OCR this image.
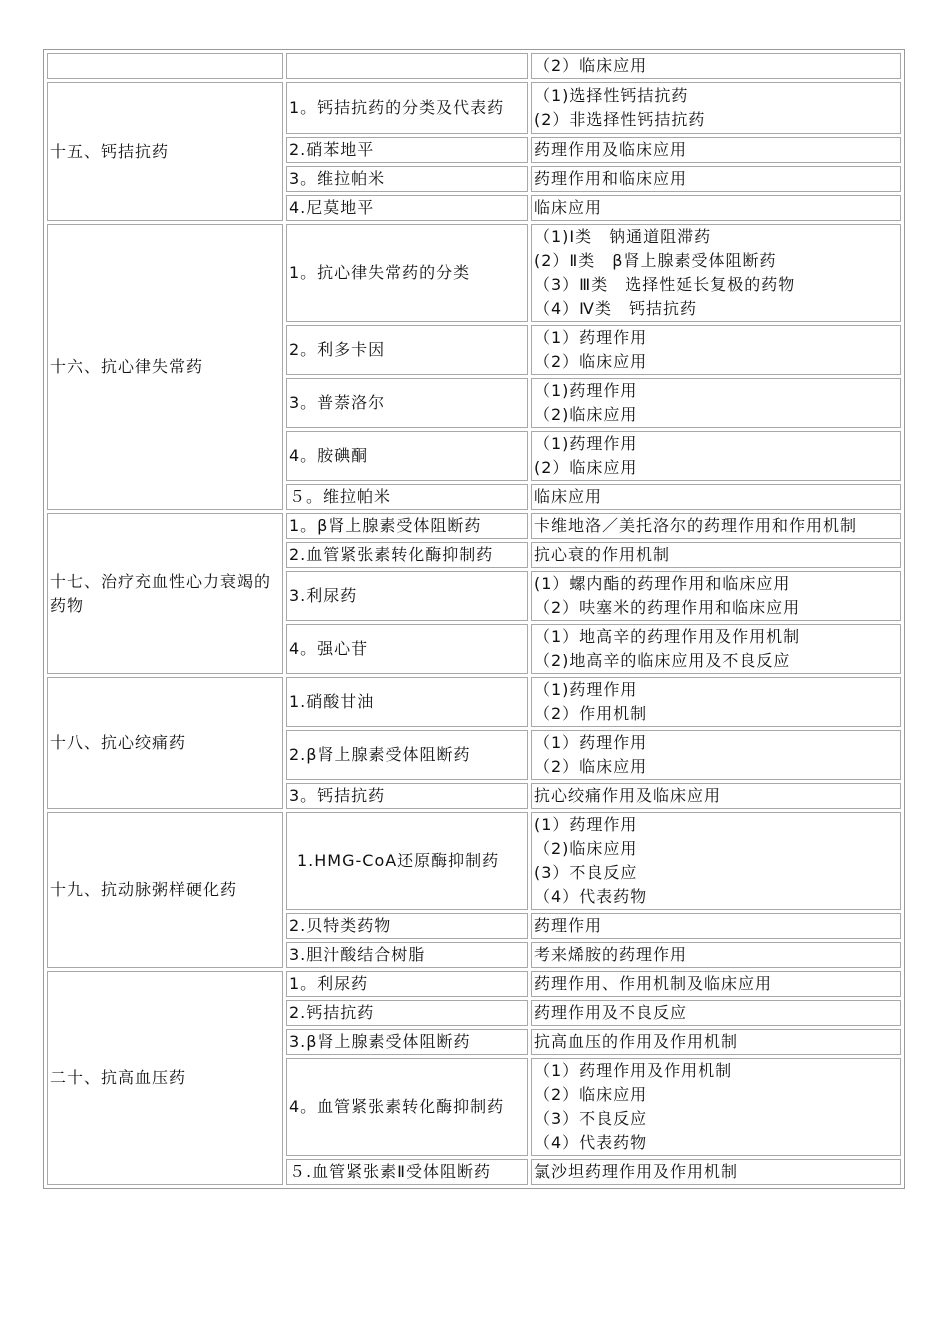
		（2）临床应用

十五、钙拮抗药	1。钙拮抗药的分类及代表药	（1)选择性钙拮抗药
(2）非选择性钙拮抗药

	2.硝苯地平	药理作用及临床应用

	3。维拉帕米	药理作用和临床应用

	4.尼莫地平	临床应用

十六、抗心律失常药	1。抗心律失常药的分类	（1)Ⅰ类　钠通道阻滞药
(2）Ⅱ类　β肾上腺素受体阻断药
（3）Ⅲ类　选择性延长复极的药物
（4）Ⅳ类　钙拮抗药

	2。利多卡因	（1）药理作用
（2）临床应用

	3。普萘洛尔	（1)药理作用
（2)临床应用

	4。胺碘酮	（1)药理作用
(2）临床应用

	５。维拉帕米	临床应用

十七、治疗充血性心力衰竭的药物	1。β肾上腺素受体阻断药	卡维地洛／美托洛尔的药理作用和作用机制
	2.血管紧张素转化酶抑制药	抗心衰的作用机制

	3.利尿药	(1）螺内酯的药理作用和临床应用
（2）呋塞米的药理作用和临床应用

	4。强心苷	（1）地高辛的药理作用及作用机制
（2)地高辛的临床应用及不良反应

十八、抗心绞痛药	1.硝酸甘油	（1)药理作用
（2）作用机制

	2.β肾上腺素受体阻断药	（1）药理作用
（2）临床应用

	3。钙拮抗药	抗心绞痛作用及临床应用

十九、抗动脉粥样硬化药	1.HMG-CoA还原酶抑制药	(1）药理作用
（2)临床应用
(3）不良反应
（4）代表药物

	2.贝特类药物	药理作用

	3.胆汁酸结合树脂	考来烯胺的药理作用

二十、抗高血压药	1。利尿药	药理作用、作用机制及临床应用

	2.钙拮抗药	药理作用及不良反应

	3.β肾上腺素受体阻断药	抗高血压的作用及作用机制

	4。血管紧张素转化酶抑制药	（1）药理作用及作用机制
（2）临床应用
（3）不良反应
（4）代表药物

	５.血管紧张素Ⅱ受体阻断药	氯沙坦药理作用及作用机制
